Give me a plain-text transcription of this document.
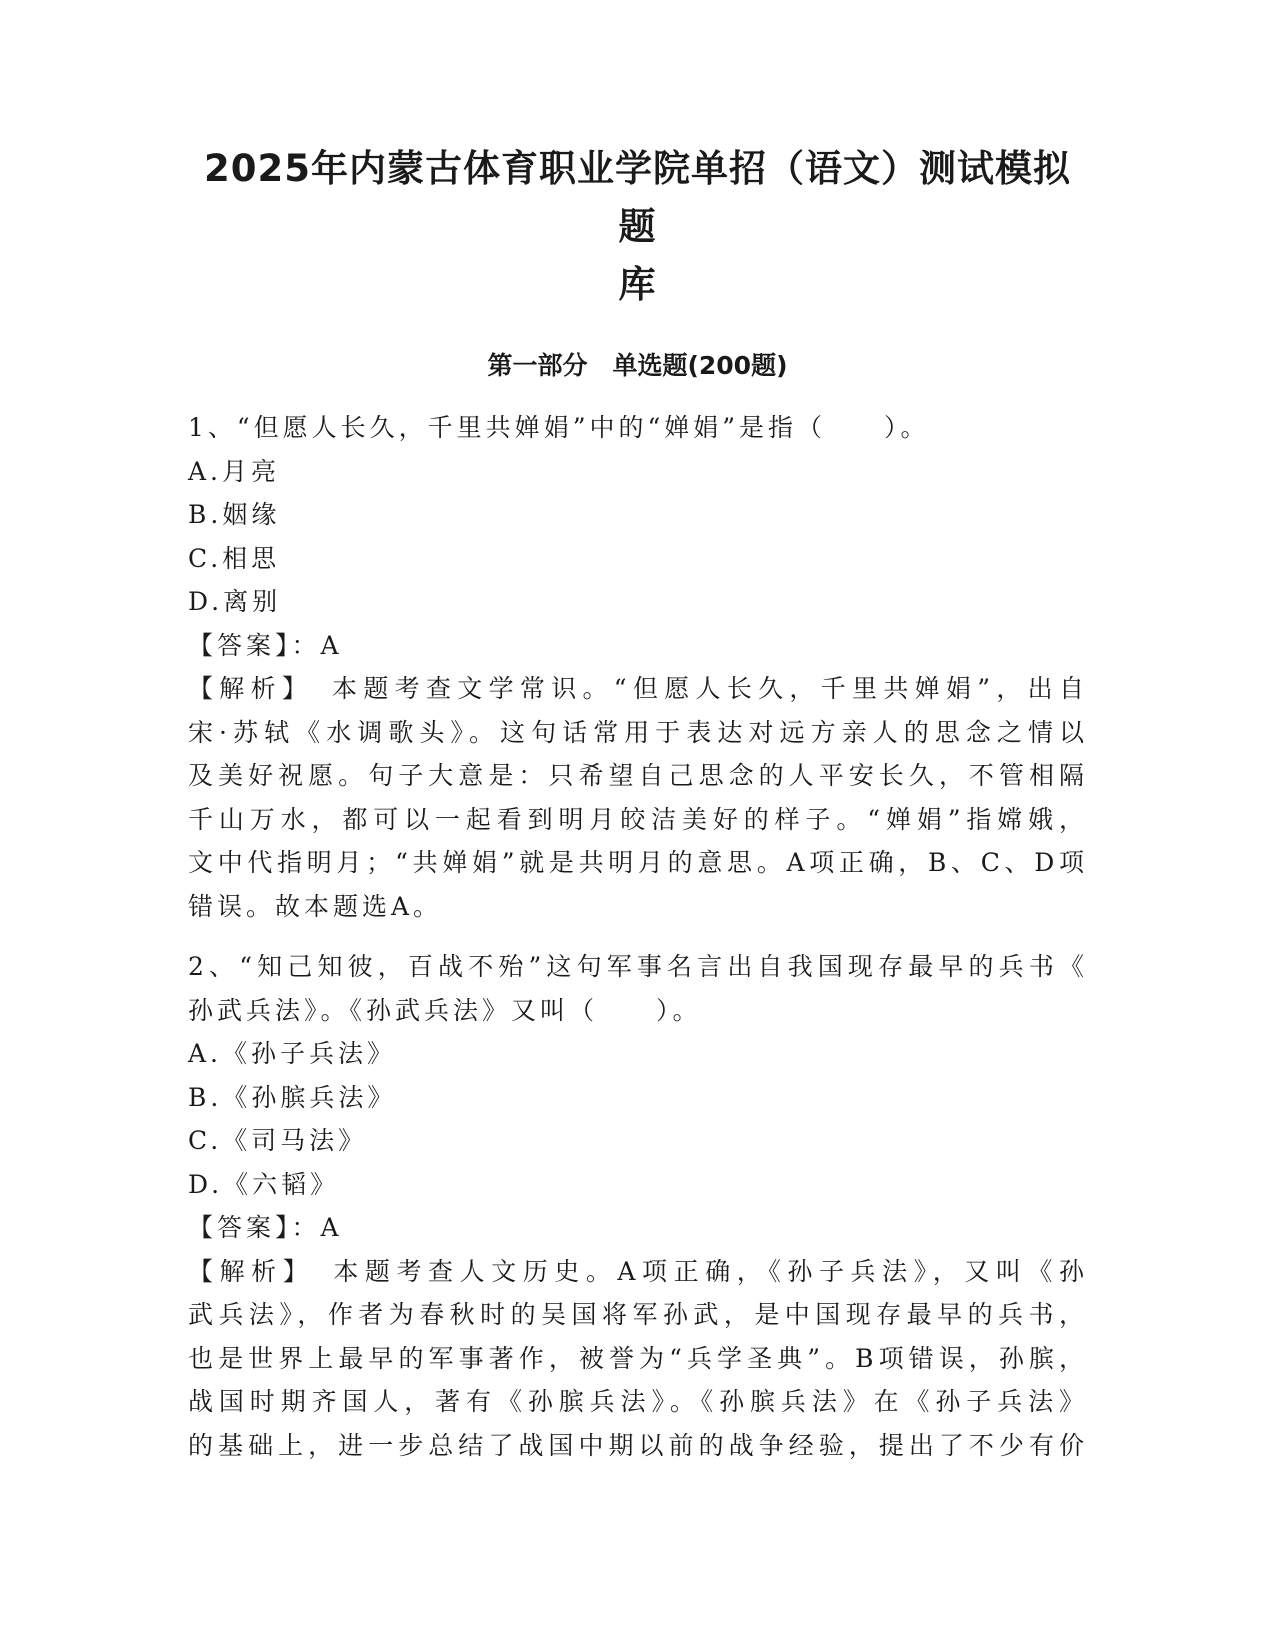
2025年内蒙古体育职业学院单招（语文）测试模拟题
库
第一部分　单选题(200题)
1、“但愿人长久，千里共婵娟”中的“婵娟”是指（　　）。
A.月亮
B.姻缘
C.相思
D.离别
【答案】：A
【解析】　本题考查文学常识。“但愿人长久，千里共婵娟”，出自
宋·苏轼《水调歌头》。这句话常用于表达对远方亲人的思念之情以
及美好祝愿。句子大意是：只希望自己思念的人平安长久，不管相隔
千山万水，都可以一起看到明月皎洁美好的样子。“婵娟”指嫦娥，
文中代指明月；“共婵娟”就是共明月的意思。A项正确，B、C、D项
错误。故本题选A。
2、“知己知彼，百战不殆”这句军事名言出自我国现存最早的兵书《
孙武兵法》。《孙武兵法》又叫（　　）。
A.《孙子兵法》
B.《孙膑兵法》
C.《司马法》
D.《六韬》
【答案】：A
【解析】　本题考查人文历史。A项正确，《孙子兵法》，又叫《孙
武兵法》，作者为春秋时的吴国将军孙武，是中国现存最早的兵书，
也是世界上最早的军事著作，被誉为“兵学圣典”。B项错误，孙膑，
战国时期齐国人，著有《孙膑兵法》。《孙膑兵法》在《孙子兵法》
的基础上，进一步总结了战国中期以前的战争经验，提出了不少有价
